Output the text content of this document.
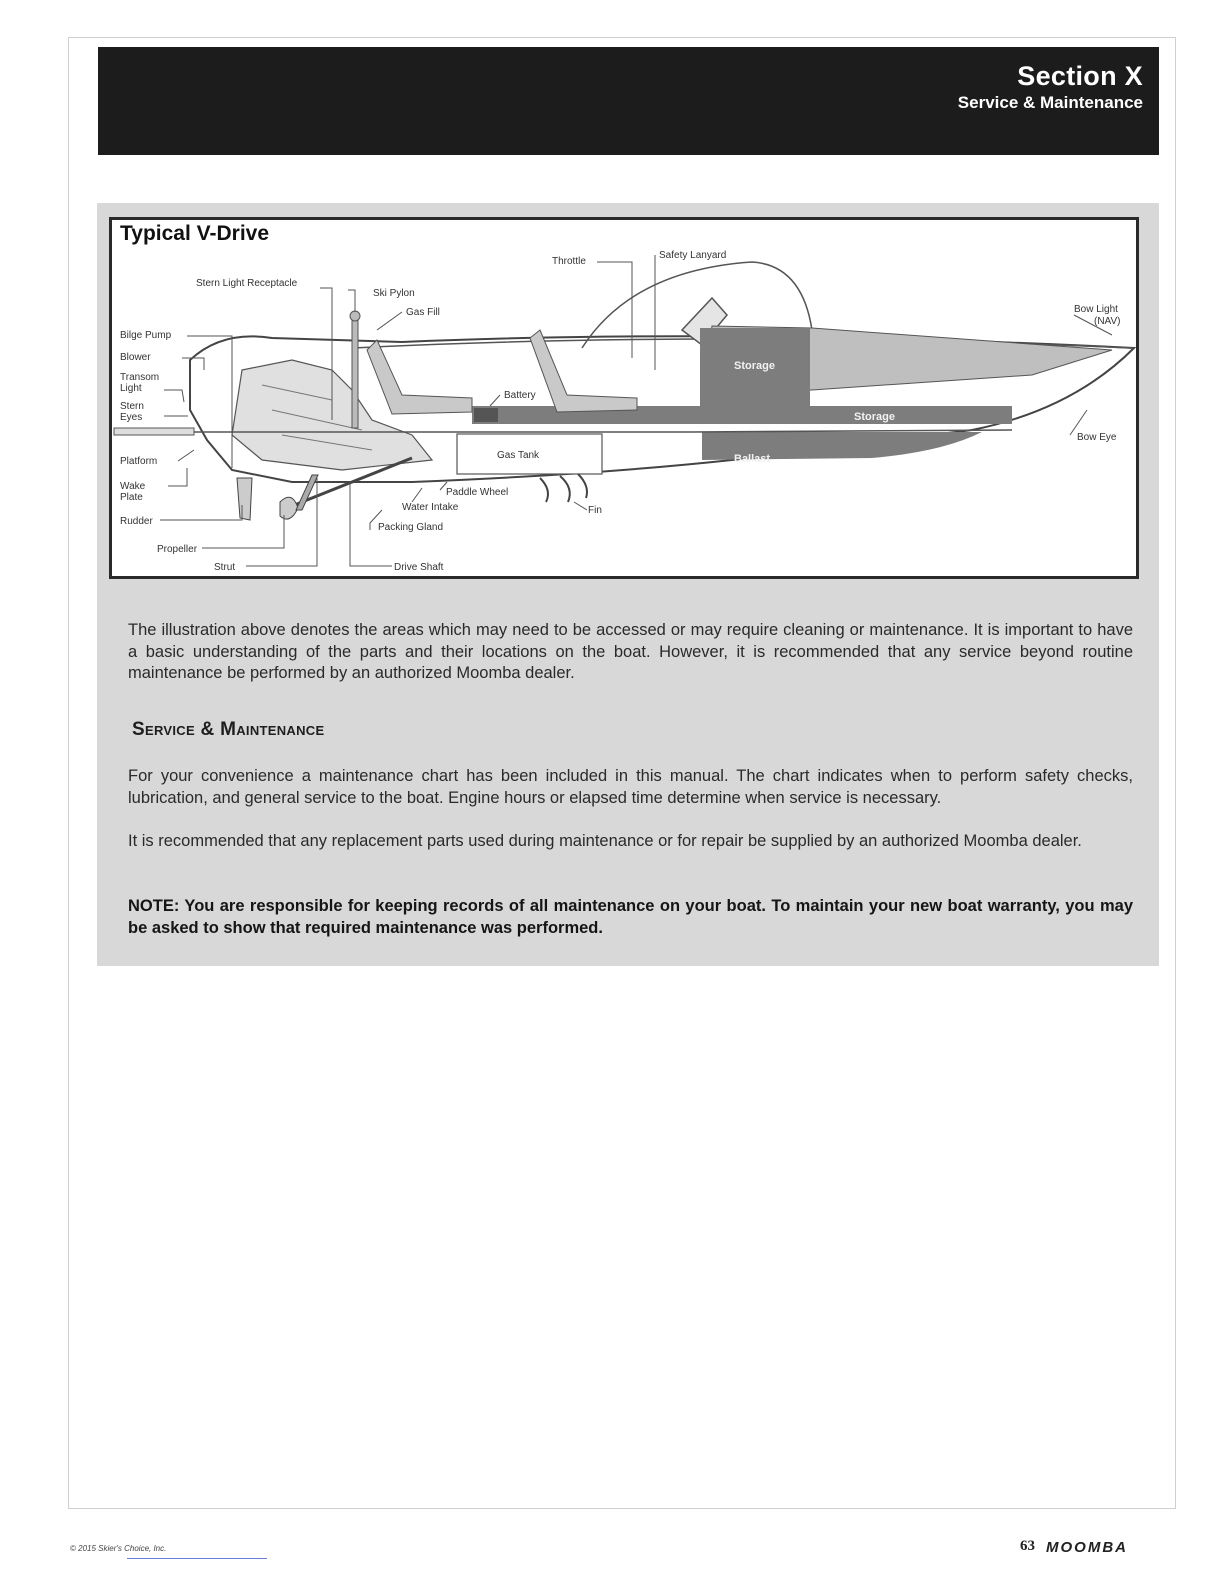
Section X
Service & Maintenance
Throttle
Safety Lanyard
Stern Light Receptacle
Ski Pylon
Gas Fill
Bilge Pump
Blower
Transom
Light
Stern
Eyes
Battery
Storage
Storage
Bow Light
(NAV)
Bow Eye
Platform
Gas Tank	Ballast
Wake
Plate	Paddle Wheel
Water Intake	Fin
Rudder
Packing Gland
Propeller
Strut	Drive Shaft
Typical V-Drive

The illustration above denotes the areas which may need to be accessed or may require cleaning or maintenance. It is important to have a basic understanding of the parts and their locations on the boat. However, it is recommended that any service beyond routine maintenance be performed by an authorized Moomba dealer.

Service & Maintenance

For your convenience a maintenance chart has been included in this manual. The chart indicates when to perform safety checks, lubrication, and general service to the boat. Engine hours or elapsed time determine when service is necessary.

It is recommended that any replacement parts used during maintenance or for repair be supplied by an authorized Moomba dealer.

NOTE: You are responsible for keeping records of all maintenance on your boat. To maintain your new boat warranty, you may be asked to show that required maintenance was performed.

© 2015 Skier's Choice, Inc.	63 MOOMBA
